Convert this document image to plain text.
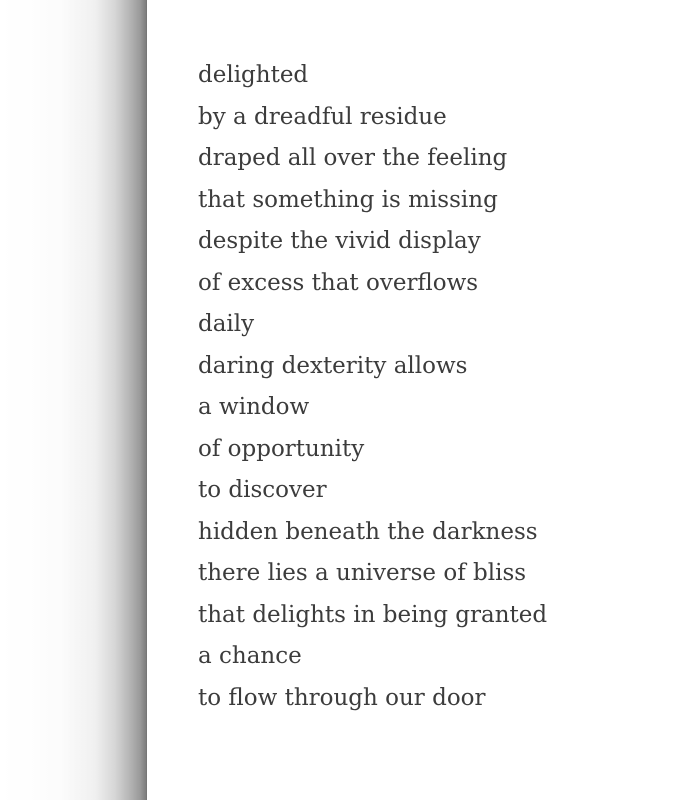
delighted
by a dreadful residue
draped all over the feeling
that something is missing
despite the vivid display
of excess that overflows
daily
daring dexterity allows
a window
of opportunity
to discover
hidden beneath the darkness
there lies a universe of bliss
that delights in being granted
a chance
to flow through our door
